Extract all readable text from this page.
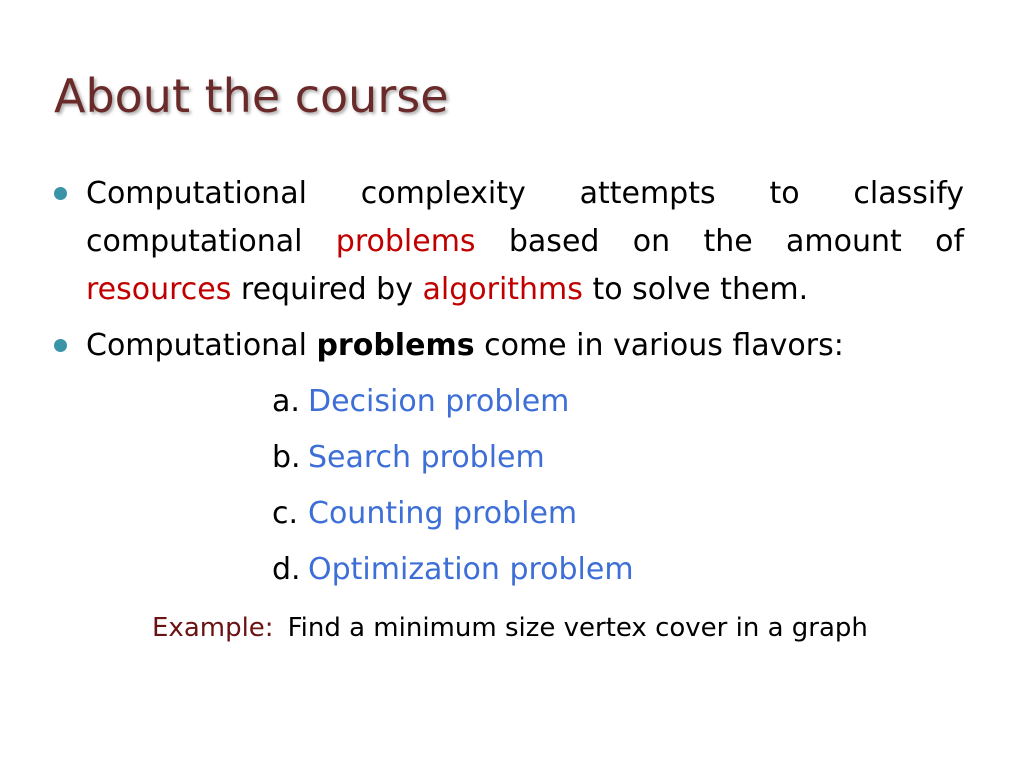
About the course
Computational complexity attempts to classify computational problems based on the amount of resources required by algorithms to solve them.
Computational problems come in various flavors:
a. Decision problem
b. Search problem
c. Counting problem
d. Optimization problem
Example: Find a minimum size vertex cover in a graph
